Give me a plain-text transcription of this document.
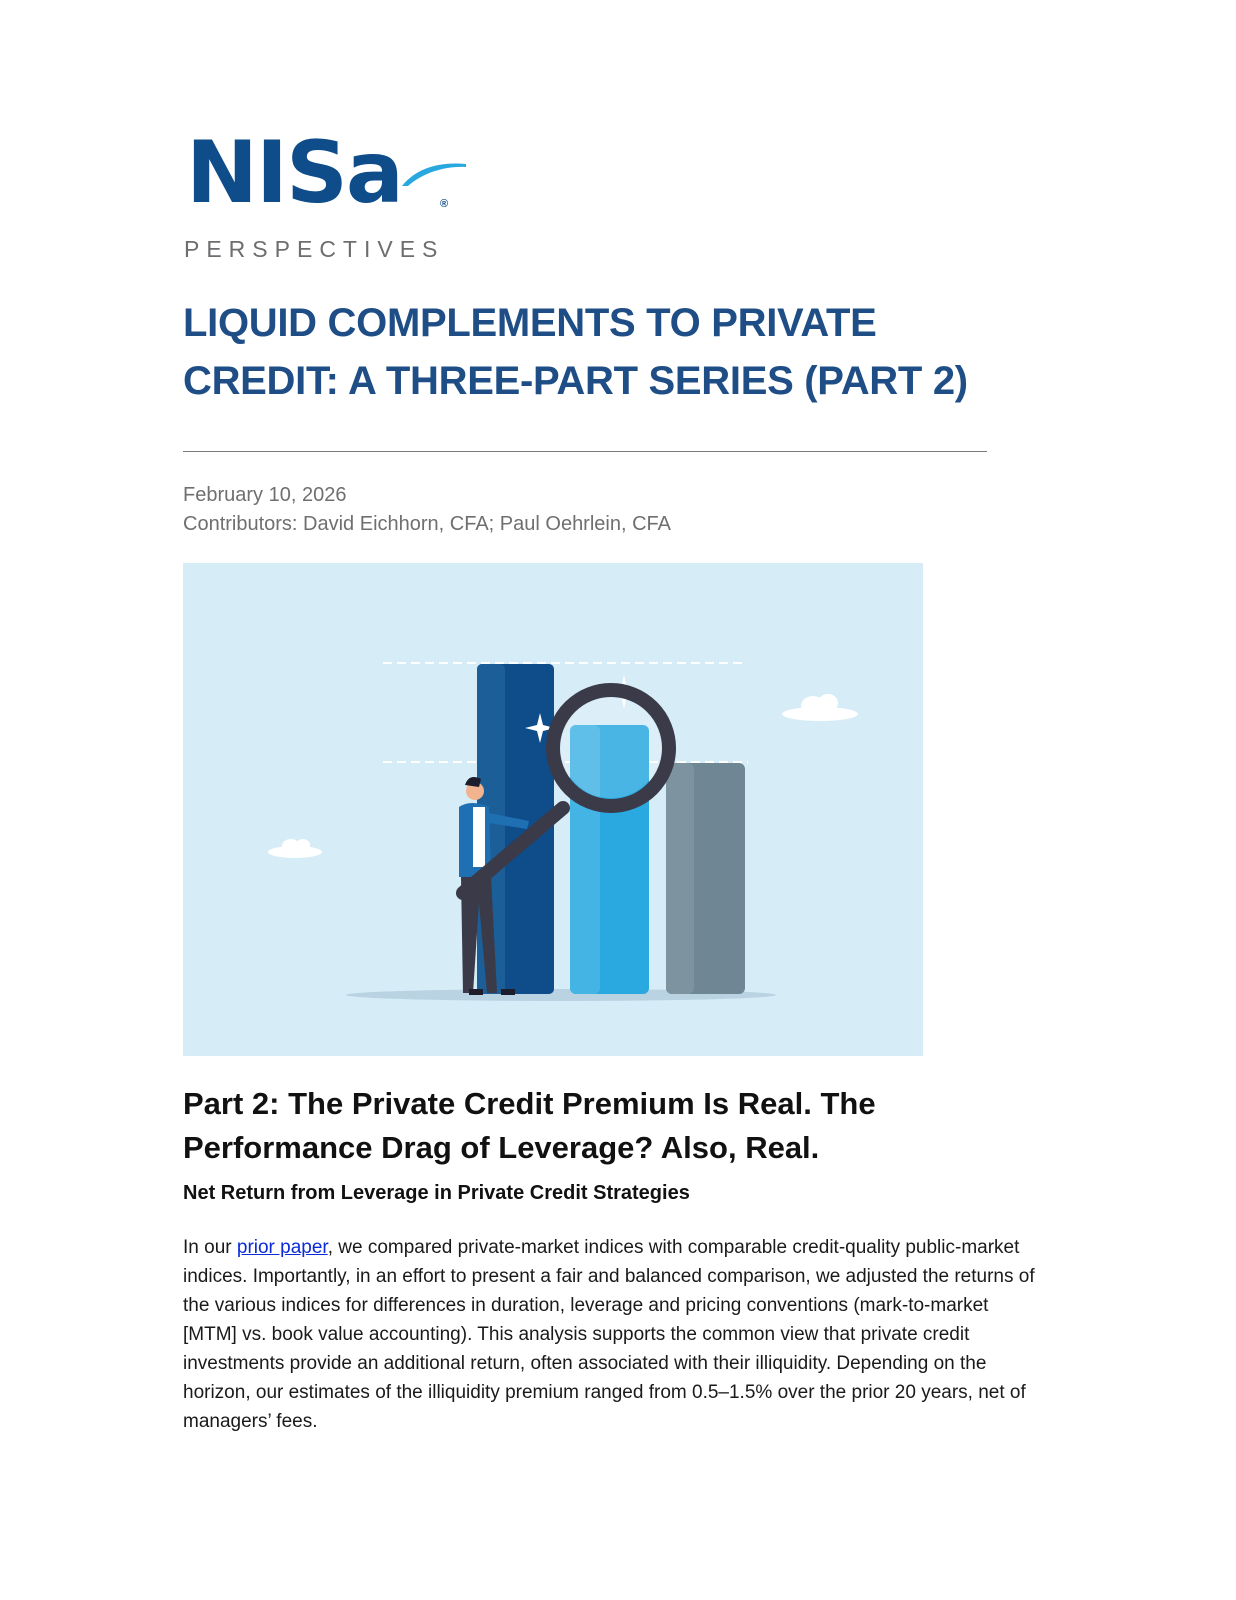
NISa	®
PERSPECTIVES
LIQUID COMPLEMENTS TO PRIVATE CREDIT: A THREE-PART SERIES (PART 2)
February 10, 2026
Contributors: David Eichhorn, CFA; Paul Oehrlein, CFA
Part 2: The Private Credit Premium Is Real. The Performance Drag of Leverage? Also, Real.
Net Return from Leverage in Private Credit Strategies

In our prior paper, we compared private-market indices with comparable credit-quality public-market indices. Importantly, in an effort to present a fair and balanced comparison, we adjusted the returns of the various indices for differences in duration, leverage and pricing conventions (mark-to-market [MTM] vs. book value accounting). This analysis supports the common view that private credit investments provide an additional return, often associated with their illiquidity. Depending on the horizon, our estimates of the illiquidity premium ranged from 0.5–1.5% over the prior 20 years, net of managers’ fees.
